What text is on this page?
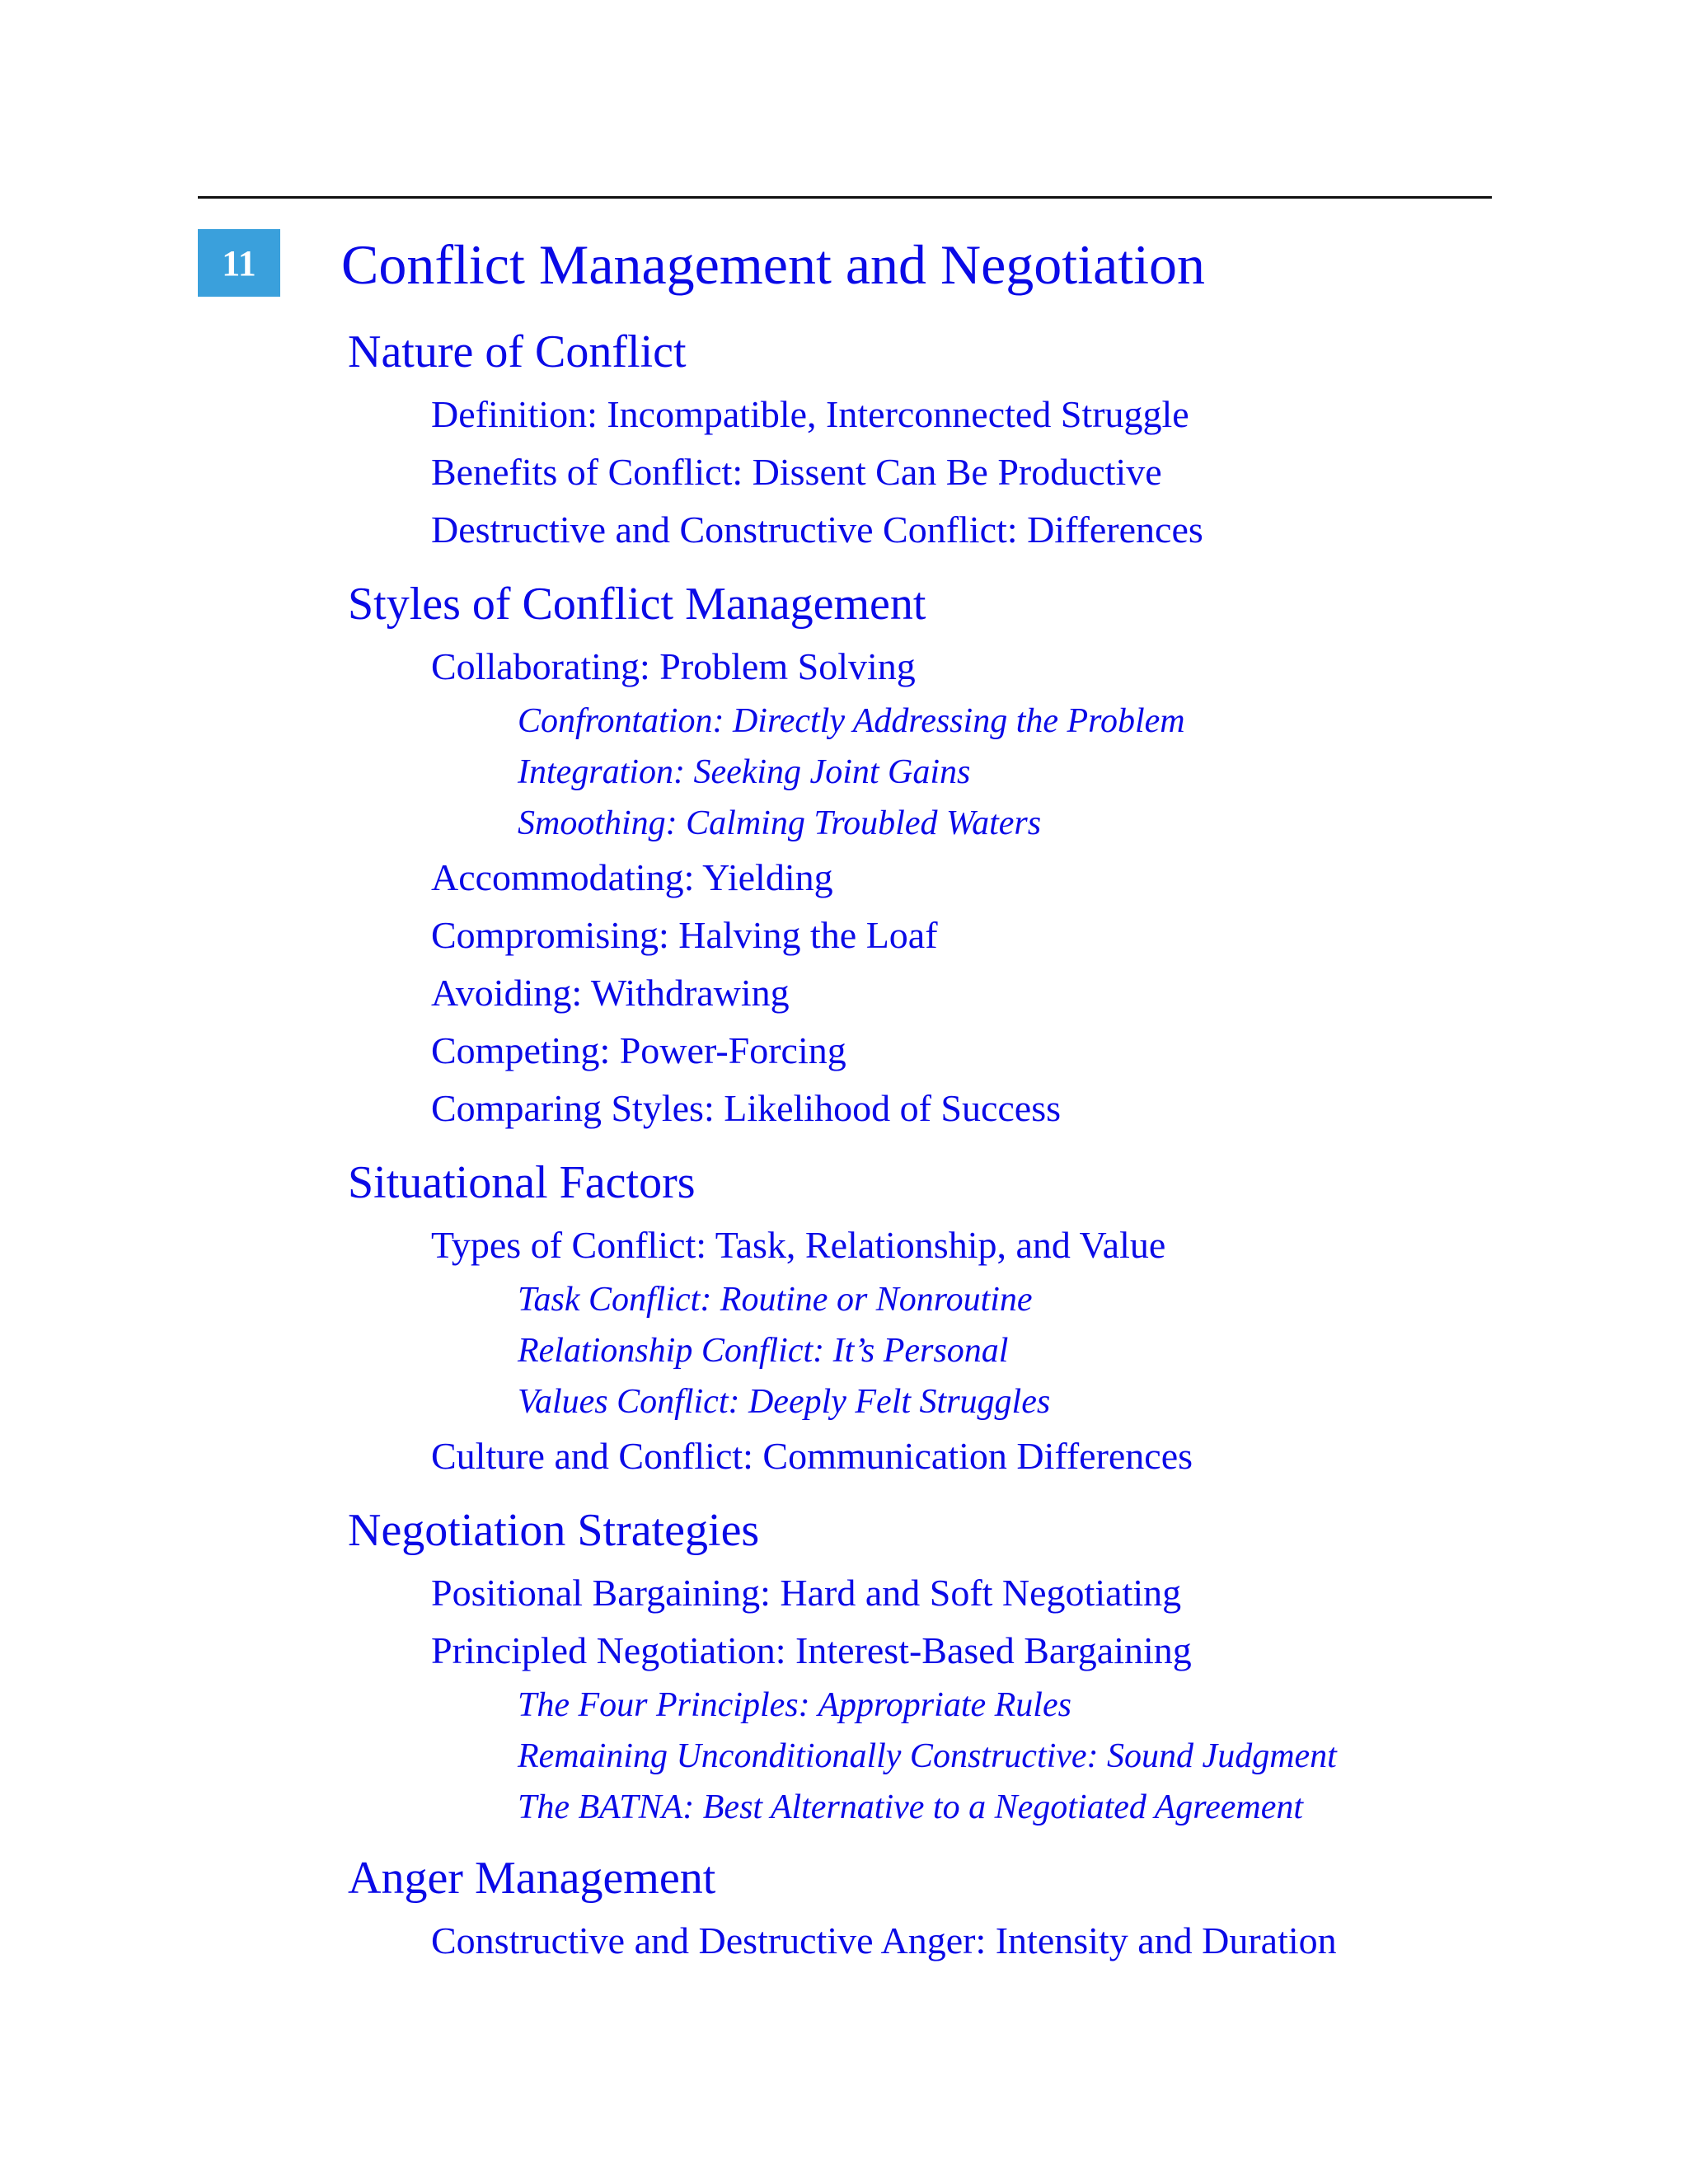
11	Conflict Management and Negotiation
Nature of Conflict
Definition: Incompatible, Interconnected Struggle
Benefits of Conflict: Dissent Can Be Productive
Destructive and Constructive Conflict: Differences
Styles of Conflict Management
Collaborating: Problem Solving
Confrontation: Directly Addressing the Problem
Integration: Seeking Joint Gains
Smoothing: Calming Troubled Waters
Accommodating: Yielding
Compromising: Halving the Loaf
Avoiding: Withdrawing
Competing: Power-Forcing
Comparing Styles: Likelihood of Success
Situational Factors
Types of Conflict: Task, Relationship, and Value
Task Conflict: Routine or Nonroutine
Relationship Conflict: It’s Personal
Values Conflict: Deeply Felt Struggles
Culture and Conflict: Communication Differences
Negotiation Strategies
Positional Bargaining: Hard and Soft Negotiating
Principled Negotiation: Interest-Based Bargaining
The Four Principles: Appropriate Rules
Remaining Unconditionally Constructive: Sound Judgment
The BATNA: Best Alternative to a Negotiated Agreement
Anger Management
Constructive and Destructive Anger: Intensity and Duration
